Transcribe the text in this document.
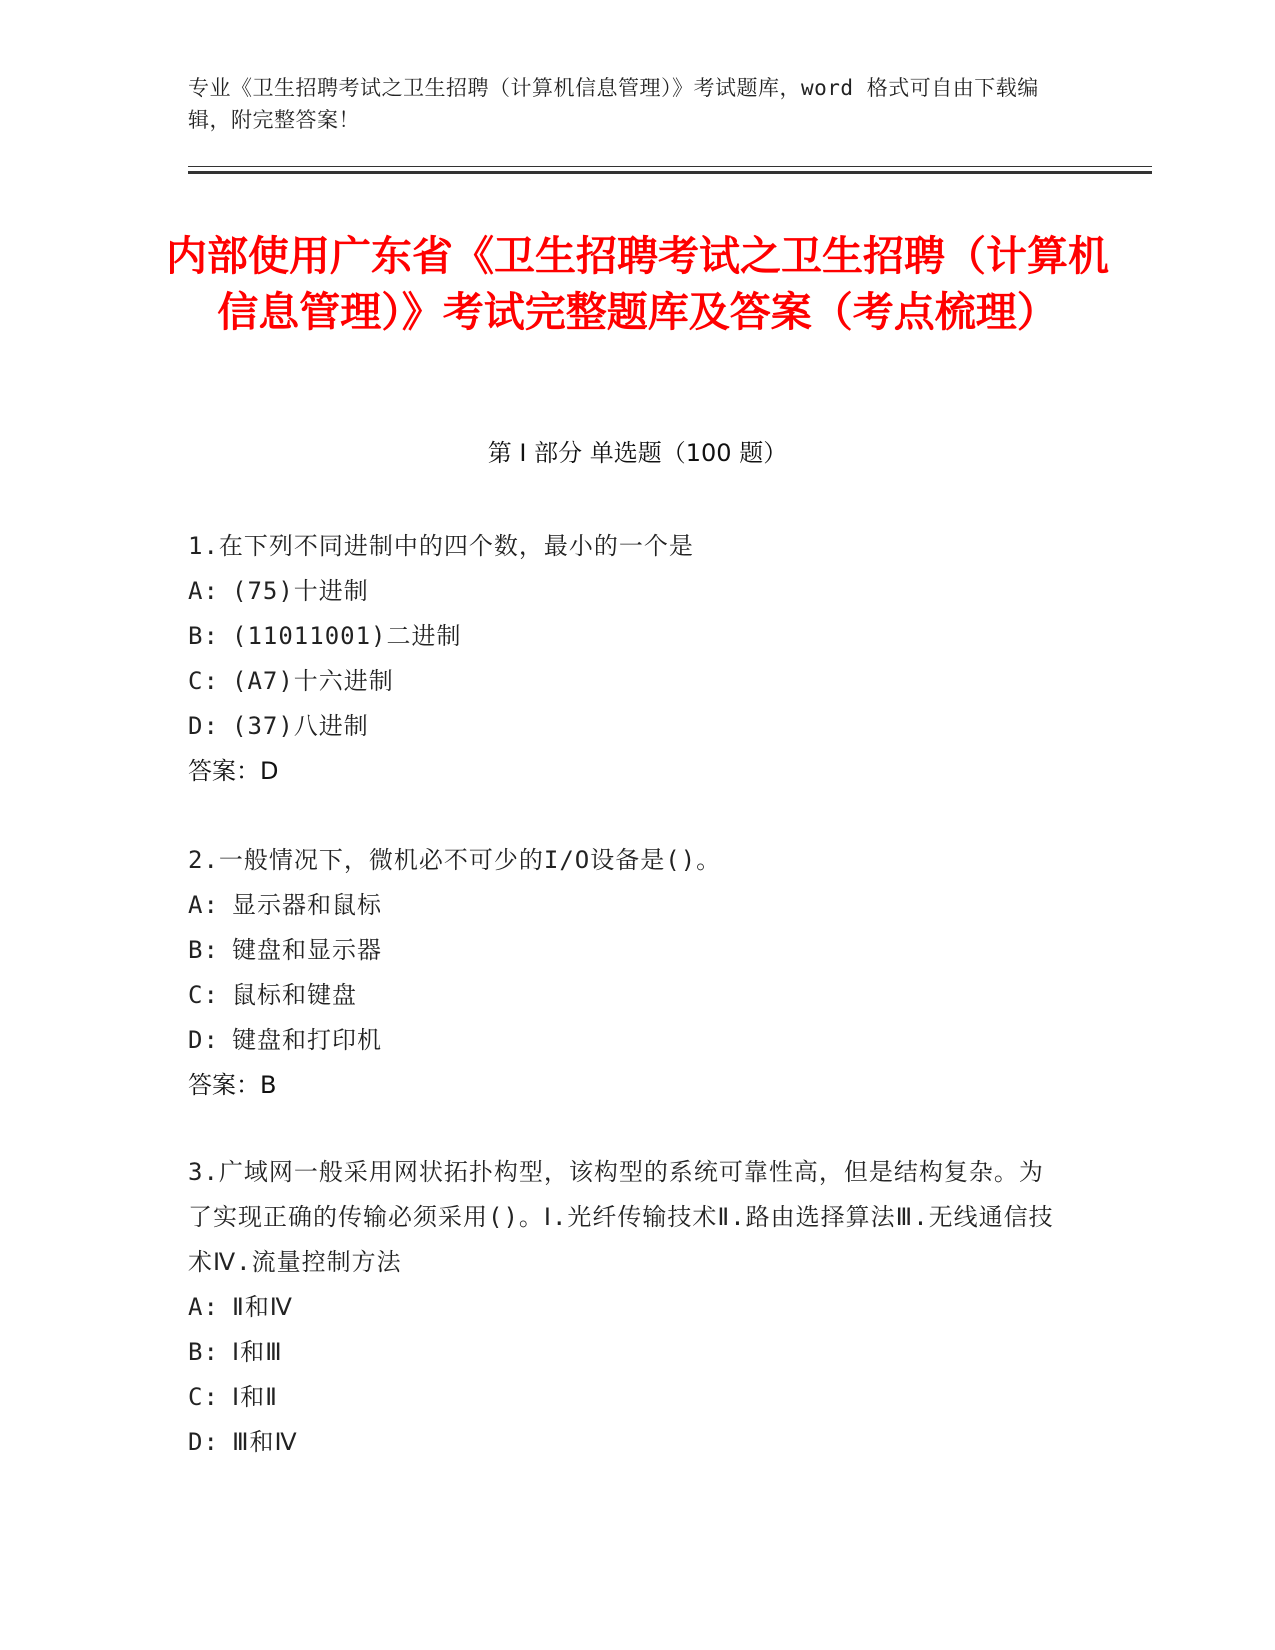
专业《卫生招聘考试之卫生招聘（计算机信息管理）》考试题库，word 格式可自由下载编辑，附完整答案！
内部使用广东省《卫生招聘考试之卫生招聘（计算机信息管理）》考试完整题库及答案（考点梳理）
第 I 部分 单选题（100 题）
1.在下列不同进制中的四个数，最小的一个是
A: (75)十进制
B: (11011001)二进制
C: (A7)十六进制
D: (37)八进制
答案：D
2.一般情况下，微机必不可少的I/O设备是()。
A: 显示器和鼠标
B: 键盘和显示器
C: 鼠标和键盘
D: 键盘和打印机
答案：B
3.广域网一般采用网状拓扑构型，该构型的系统可靠性高，但是结构复杂。为了实现正确的传输必须采用()。Ⅰ.光纤传输技术Ⅱ.路由选择算法Ⅲ.无线通信技术Ⅳ.流量控制方法
A: Ⅱ和Ⅳ
B: Ⅰ和Ⅲ
C: Ⅰ和Ⅱ
D: Ⅲ和Ⅳ
